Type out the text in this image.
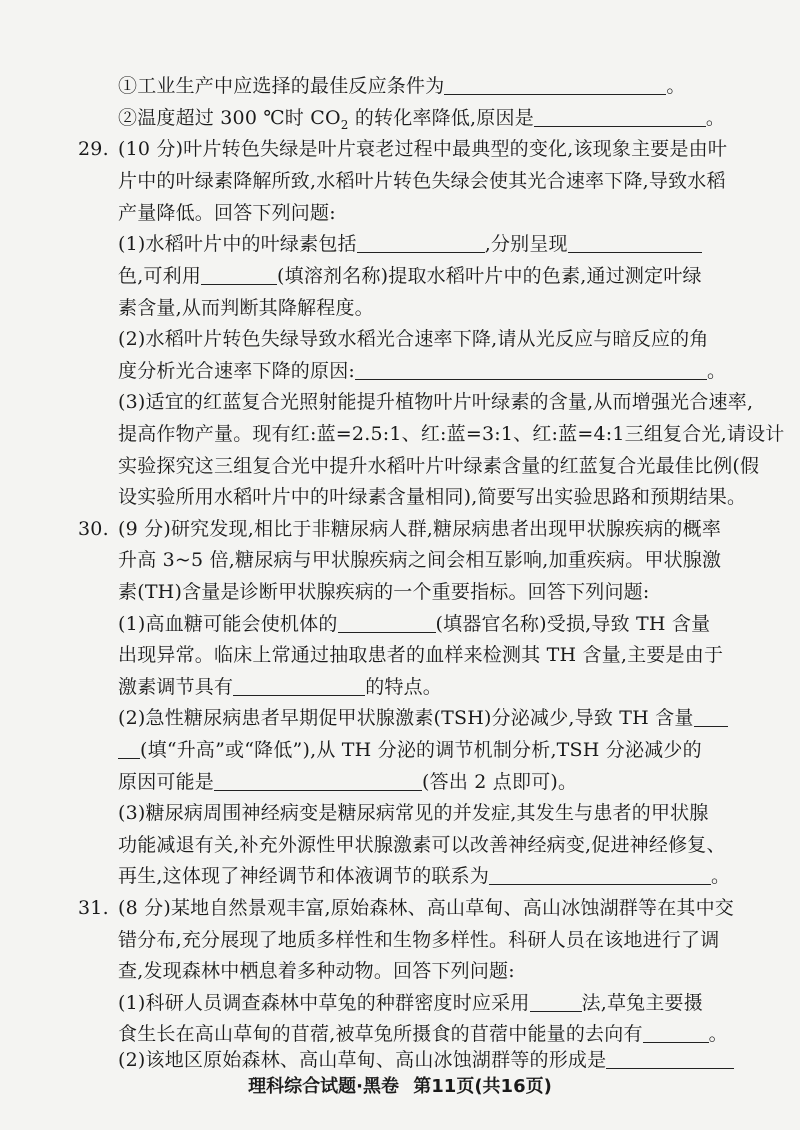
①工业生产中应选择的最佳反应条件为	。
②温度超过 300 ℃时 $CO_2$ 的转化率降低,原因是	。
29. (10 分)叶片转色失绿是叶片衰老过程中最典型的变化,该现象主要是由叶
片中的叶绿素降解所致,水稻叶片转色失绿会使其光合速率下降,导致水稻
产量降低。回答下列问题:
(1)水稻叶片中的叶绿素包括	,分别呈现
色,可利用	(填溶剂名称)提取水稻叶片中的色素,通过测定叶绿
素含量,从而判断其降解程度。
(2)水稻叶片转色失绿导致水稻光合速率下降,请从光反应与暗反应的角
度分析光合速率下降的原因:	。
(3)适宜的红蓝复合光照射能提升植物叶片叶绿素的含量,从而增强光合速率,
提高作物产量。现有红:蓝=2.5:1、红:蓝=3:1、红:蓝=4:1三组复合光,请设计
实验探究这三组复合光中提升水稻叶片叶绿素含量的红蓝复合光最佳比例(假
设实验所用水稻叶片中的叶绿素含量相同),简要写出实验思路和预期结果。
30. (9 分)研究发现,相比于非糖尿病人群,糖尿病患者出现甲状腺疾病的概率
升高 3~5 倍,糖尿病与甲状腺疾病之间会相互影响,加重疾病。甲状腺激
素(TH)含量是诊断甲状腺疾病的一个重要指标。回答下列问题:
(1)高血糖可能会使机体的	(填器官名称)受损,导致 TH 含量
出现异常。临床上常通过抽取患者的血样来检测其 TH 含量,主要是由于
激素调节具有	的特点。
(2)急性糖尿病患者早期促甲状腺激素(TSH)分泌减少,导致 TH 含量
(填“升高”或“降低”),从 TH 分泌的调节机制分析,TSH 分泌减少的
原因可能是	(答出 2 点即可)。
(3)糖尿病周围神经病变是糖尿病常见的并发症,其发生与患者的甲状腺
功能减退有关,补充外源性甲状腺激素可以改善神经病变,促进神经修复、
再生,这体现了神经调节和体液调节的联系为	。
31. (8 分)某地自然景观丰富,原始森林、高山草甸、高山冰蚀湖群等在其中交
错分布,充分展现了地质多样性和生物多样性。科研人员在该地进行了调
查,发现森林中栖息着多种动物。回答下列问题:
(1)科研人员调查森林中草兔的种群密度时应采用	法,草兔主要摄
食生长在高山草甸的苜蓿,被草兔所摄食的苜蓿中能量的去向有	。
(2)该地区原始森林、高山草甸、高山冰蚀湖群等的形成是
理科综合试题·黑卷 第11页(共16页)
